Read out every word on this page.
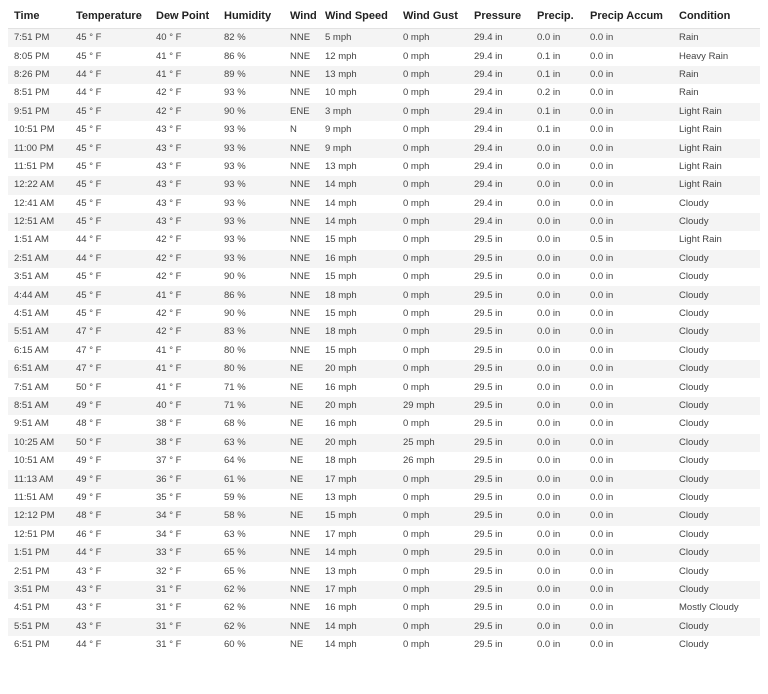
Time	Temperature	Dew Point	Humidity	Wind	Wind Speed	Wind Gust	Pressure	Precip.	Precip Accum	Condition
7:51 PM	45 ° F	40 ° F	82 %	NNE	5 mph	0 mph	29.4 in	0.0 in	0.0 in	Rain
8:05 PM	45 ° F	41 ° F	86 %	NNE	12 mph	0 mph	29.4 in	0.1 in	0.0 in	Heavy Rain
8:26 PM	44 ° F	41 ° F	89 %	NNE	13 mph	0 mph	29.4 in	0.1 in	0.0 in	Rain
8:51 PM	44 ° F	42 ° F	93 %	NNE	10 mph	0 mph	29.4 in	0.2 in	0.0 in	Rain
9:51 PM	45 ° F	42 ° F	90 %	ENE	3 mph	0 mph	29.4 in	0.1 in	0.0 in	Light Rain
10:51 PM	45 ° F	43 ° F	93 %	N	9 mph	0 mph	29.4 in	0.1 in	0.0 in	Light Rain
11:00 PM	45 ° F	43 ° F	93 %	NNE	9 mph	0 mph	29.4 in	0.0 in	0.0 in	Light Rain
11:51 PM	45 ° F	43 ° F	93 %	NNE	13 mph	0 mph	29.4 in	0.0 in	0.0 in	Light Rain
12:22 AM	45 ° F	43 ° F	93 %	NNE	14 mph	0 mph	29.4 in	0.0 in	0.0 in	Light Rain
12:41 AM	45 ° F	43 ° F	93 %	NNE	14 mph	0 mph	29.4 in	0.0 in	0.0 in	Cloudy
12:51 AM	45 ° F	43 ° F	93 %	NNE	14 mph	0 mph	29.4 in	0.0 in	0.0 in	Cloudy
1:51 AM	44 ° F	42 ° F	93 %	NNE	15 mph	0 mph	29.5 in	0.0 in	0.5 in	Light Rain
2:51 AM	44 ° F	42 ° F	93 %	NNE	16 mph	0 mph	29.5 in	0.0 in	0.0 in	Cloudy
3:51 AM	45 ° F	42 ° F	90 %	NNE	15 mph	0 mph	29.5 in	0.0 in	0.0 in	Cloudy
4:44 AM	45 ° F	41 ° F	86 %	NNE	18 mph	0 mph	29.5 in	0.0 in	0.0 in	Cloudy
4:51 AM	45 ° F	42 ° F	90 %	NNE	15 mph	0 mph	29.5 in	0.0 in	0.0 in	Cloudy
5:51 AM	47 ° F	42 ° F	83 %	NNE	18 mph	0 mph	29.5 in	0.0 in	0.0 in	Cloudy
6:15 AM	47 ° F	41 ° F	80 %	NNE	15 mph	0 mph	29.5 in	0.0 in	0.0 in	Cloudy
6:51 AM	47 ° F	41 ° F	80 %	NE	20 mph	0 mph	29.5 in	0.0 in	0.0 in	Cloudy
7:51 AM	50 ° F	41 ° F	71 %	NE	16 mph	0 mph	29.5 in	0.0 in	0.0 in	Cloudy
8:51 AM	49 ° F	40 ° F	71 %	NE	20 mph	29 mph	29.5 in	0.0 in	0.0 in	Cloudy
9:51 AM	48 ° F	38 ° F	68 %	NE	16 mph	0 mph	29.5 in	0.0 in	0.0 in	Cloudy
10:25 AM	50 ° F	38 ° F	63 %	NE	20 mph	25 mph	29.5 in	0.0 in	0.0 in	Cloudy
10:51 AM	49 ° F	37 ° F	64 %	NE	18 mph	26 mph	29.5 in	0.0 in	0.0 in	Cloudy
11:13 AM	49 ° F	36 ° F	61 %	NE	17 mph	0 mph	29.5 in	0.0 in	0.0 in	Cloudy
11:51 AM	49 ° F	35 ° F	59 %	NE	13 mph	0 mph	29.5 in	0.0 in	0.0 in	Cloudy
12:12 PM	48 ° F	34 ° F	58 %	NE	15 mph	0 mph	29.5 in	0.0 in	0.0 in	Cloudy
12:51 PM	46 ° F	34 ° F	63 %	NNE	17 mph	0 mph	29.5 in	0.0 in	0.0 in	Cloudy
1:51 PM	44 ° F	33 ° F	65 %	NNE	14 mph	0 mph	29.5 in	0.0 in	0.0 in	Cloudy
2:51 PM	43 ° F	32 ° F	65 %	NNE	13 mph	0 mph	29.5 in	0.0 in	0.0 in	Cloudy
3:51 PM	43 ° F	31 ° F	62 %	NNE	17 mph	0 mph	29.5 in	0.0 in	0.0 in	Cloudy
4:51 PM	43 ° F	31 ° F	62 %	NNE	16 mph	0 mph	29.5 in	0.0 in	0.0 in	Mostly Cloudy
5:51 PM	43 ° F	31 ° F	62 %	NNE	14 mph	0 mph	29.5 in	0.0 in	0.0 in	Cloudy
6:51 PM	44 ° F	31 ° F	60 %	NE	14 mph	0 mph	29.5 in	0.0 in	0.0 in	Cloudy
